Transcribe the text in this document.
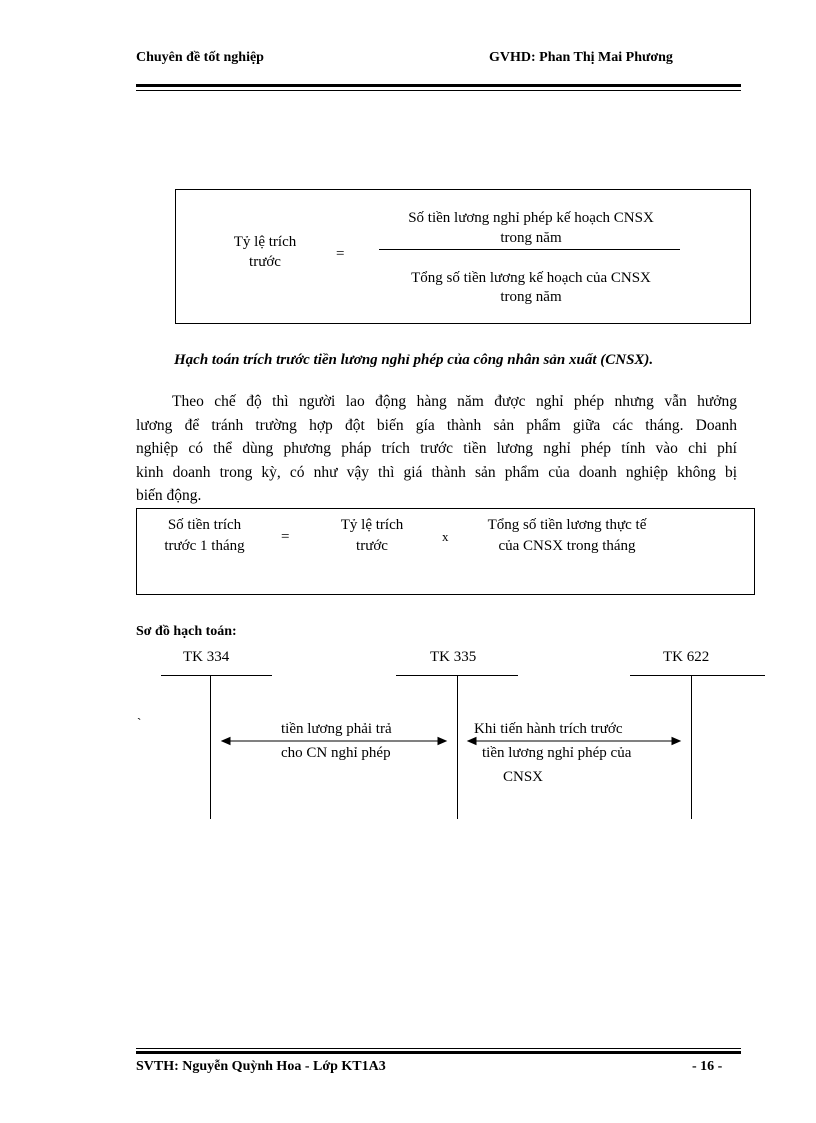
Chuyên đề tốt nghiệp	GVHD: Phan Thị Mai Phương
Tỷ lệ trích trước	=
Số tiền lương nghỉ phép kế hoạch CNSX
trong năm
Tổng số tiền lương kế hoạch của CNSX
trong năm
Hạch toán trích trước tiền lương nghỉ phép của công nhân sản xuất (CNSX).
Theo chế độ thì người lao động hàng năm được nghỉ phép nhưng vẫn hưởng
lương để tránh trường hợp đột biến gía thành sản phẩm giữa các tháng. Doanh
nghiệp có thể dùng phương pháp trích trước tiền lương nghỉ phép tính vào chi phí
kinh doanh trong kỳ, có như vậy thì giá thành sản phẩm của doanh nghiệp không bị
biến động.
Số tiền trích
trước 1 tháng
=
Tỷ lệ trích
trước
x
Tổng số tiền lương thực tế
của CNSX trong tháng
Sơ đồ hạch toán:
TK 334	TK 335	TK 622
`	tiền lương phải trả
cho CN nghỉ phép
Khi tiến hành trích trước
tiền lương nghỉ phép của
CNSX
SVTH: Nguyễn Quỳnh Hoa - Lớp KT1A3	- 16 -
